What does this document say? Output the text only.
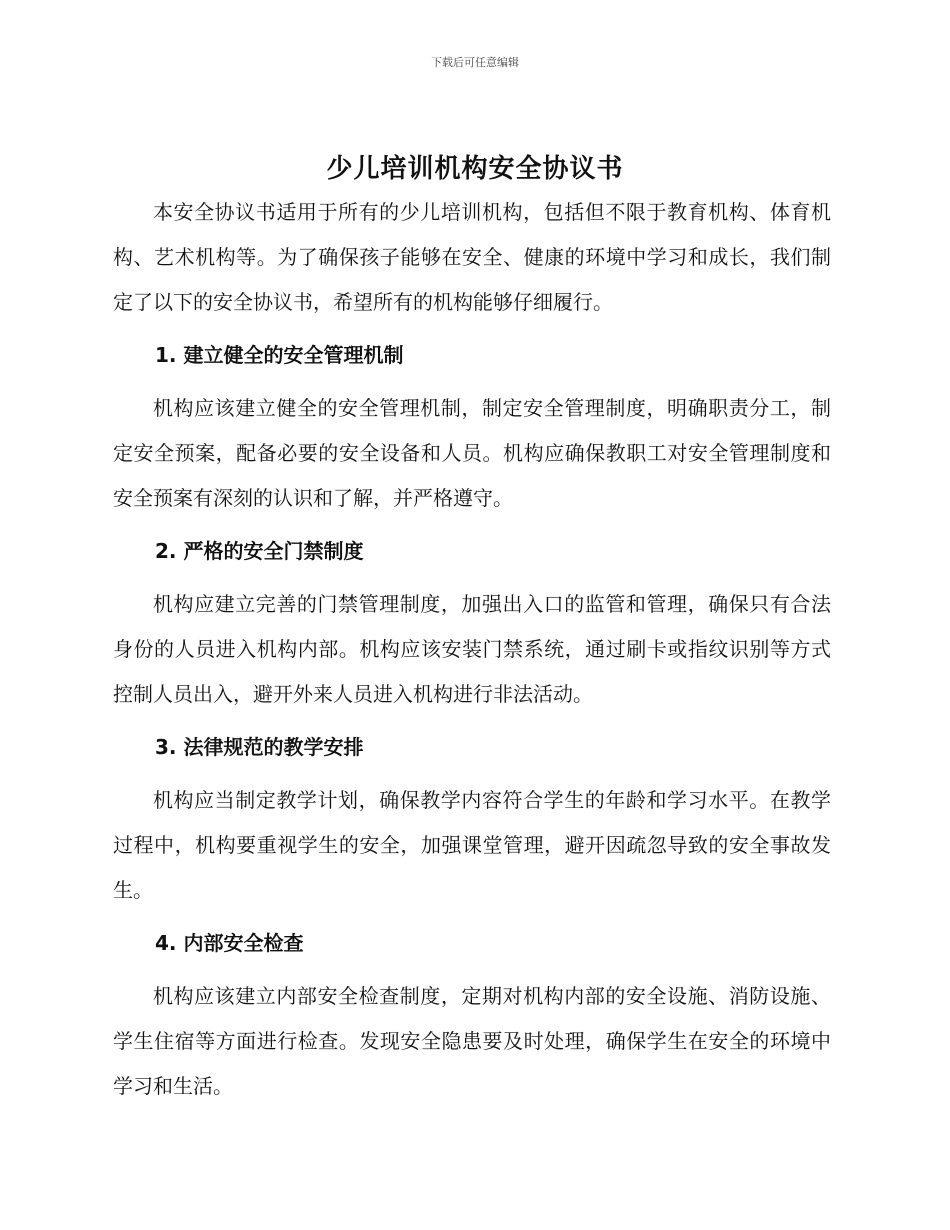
下载后可任意编辑
少儿培训机构安全协议书

本安全协议书适用于所有的少儿培训机构，包括但不限于教育机构、体育机构、艺术机构等。为了确保孩子能够在安全、健康的环境中学习和成长，我们制定了以下的安全协议书，希望所有的机构能够仔细履行。

1. 建立健全的安全管理机制

机构应该建立健全的安全管理机制，制定安全管理制度，明确职责分工，制定安全预案，配备必要的安全设备和人员。机构应确保教职工对安全管理制度和安全预案有深刻的认识和了解，并严格遵守。

2. 严格的安全门禁制度

机构应建立完善的门禁管理制度，加强出入口的监管和管理，确保只有合法身份的人员进入机构内部。机构应该安装门禁系统，通过刷卡或指纹识别等方式控制人员出入，避开外来人员进入机构进行非法活动。

3. 法律规范的教学安排

机构应当制定教学计划，确保教学内容符合学生的年龄和学习水平。在教学过程中，机构要重视学生的安全，加强课堂管理，避开因疏忽导致的安全事故发生。

4. 内部安全检查

机构应该建立内部安全检查制度，定期对机构内部的安全设施、消防设施、学生住宿等方面进行检查。发现安全隐患要及时处理，确保学生在安全的环境中学习和生活。
